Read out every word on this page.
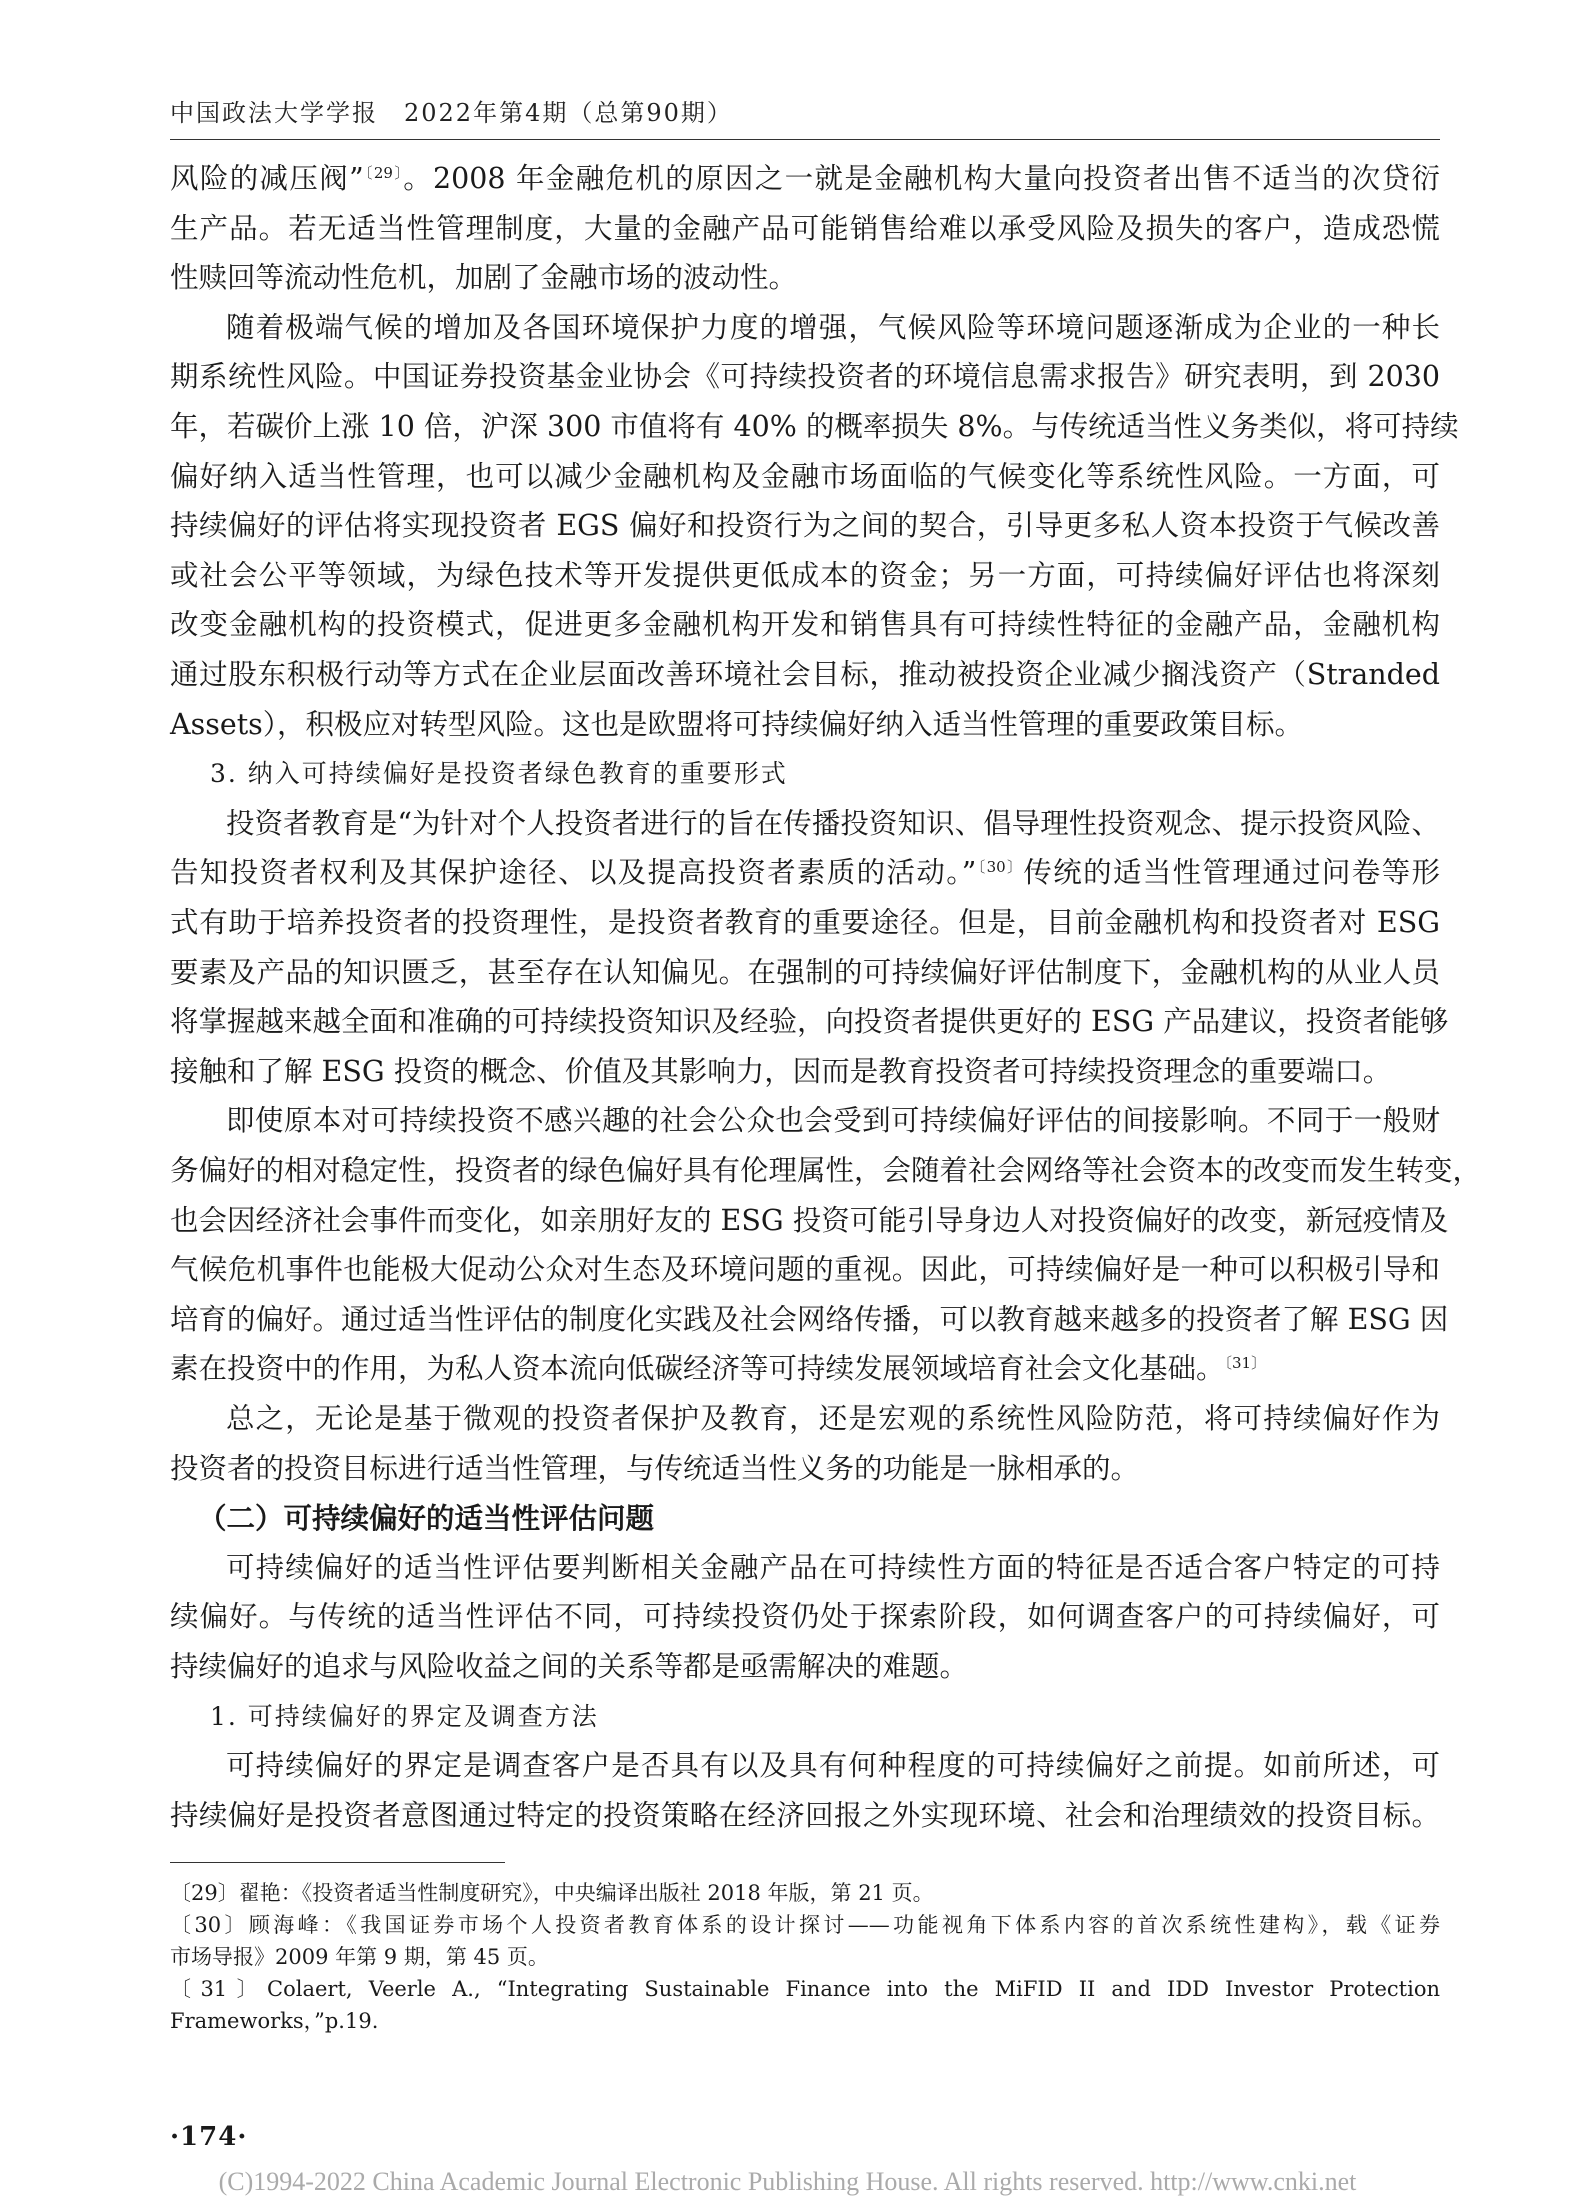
中国政法大学学报　2022年第4期（总第90期）
风险的减压阀”$^{〔29〕}$。2008 年金融危机的原因之一就是金融机构大量向投资者出售不适当的次贷衍
生产品。若无适当性管理制度，大量的金融产品可能销售给难以承受风险及损失的客户，造成恐慌
性赎回等流动性危机，加剧了金融市场的波动性。
随着极端气候的增加及各国环境保护力度的增强，气候风险等环境问题逐渐成为企业的一种长
期系统性风险。中国证券投资基金业协会《可持续投资者的环境信息需求报告》研究表明，到 2030
年，若碳价上涨 10 倍，沪深 300 市值将有 40% 的概率损失 8%。与传统适当性义务类似，将可持续
偏好纳入适当性管理，也可以减少金融机构及金融市场面临的气候变化等系统性风险。一方面，可
持续偏好的评估将实现投资者 EGS 偏好和投资行为之间的契合，引导更多私人资本投资于气候改善
或社会公平等领域，为绿色技术等开发提供更低成本的资金；另一方面，可持续偏好评估也将深刻
改变金融机构的投资模式，促进更多金融机构开发和销售具有可持续性特征的金融产品，金融机构
通过股东积极行动等方式在企业层面改善环境社会目标，推动被投资企业减少搁浅资产（Stranded
Assets），积极应对转型风险。这也是欧盟将可持续偏好纳入适当性管理的重要政策目标。
3. 纳入可持续偏好是投资者绿色教育的重要形式
投资者教育是“为针对个人投资者进行的旨在传播投资知识、倡导理性投资观念、提示投资风险、
告知投资者权利及其保护途径、以及提高投资者素质的活动。”$^{〔30〕}$传统的适当性管理通过问卷等形
式有助于培养投资者的投资理性，是投资者教育的重要途径。但是，目前金融机构和投资者对 ESG
要素及产品的知识匮乏，甚至存在认知偏见。在强制的可持续偏好评估制度下，金融机构的从业人员
将掌握越来越全面和准确的可持续投资知识及经验，向投资者提供更好的 ESG 产品建议，投资者能够
接触和了解 ESG 投资的概念、价值及其影响力，因而是教育投资者可持续投资理念的重要端口。
即使原本对可持续投资不感兴趣的社会公众也会受到可持续偏好评估的间接影响。不同于一般财
务偏好的相对稳定性，投资者的绿色偏好具有伦理属性，会随着社会网络等社会资本的改变而发生转变，
也会因经济社会事件而变化，如亲朋好友的 ESG 投资可能引导身边人对投资偏好的改变，新冠疫情及
气候危机事件也能极大促动公众对生态及环境问题的重视。因此，可持续偏好是一种可以积极引导和
培育的偏好。通过适当性评估的制度化实践及社会网络传播，可以教育越来越多的投资者了解 ESG 因
素在投资中的作用，为私人资本流向低碳经济等可持续发展领域培育社会文化基础。$^{〔31〕}$
总之，无论是基于微观的投资者保护及教育，还是宏观的系统性风险防范，将可持续偏好作为
投资者的投资目标进行适当性管理，与传统适当性义务的功能是一脉相承的。
（二）可持续偏好的适当性评估问题
可持续偏好的适当性评估要判断相关金融产品在可持续性方面的特征是否适合客户特定的可持
续偏好。与传统的适当性评估不同，可持续投资仍处于探索阶段，如何调查客户的可持续偏好，可
持续偏好的追求与风险收益之间的关系等都是亟需解决的难题。
1. 可持续偏好的界定及调查方法
可持续偏好的界定是调查客户是否具有以及具有何种程度的可持续偏好之前提。如前所述，可
持续偏好是投资者意图通过特定的投资策略在经济回报之外实现环境、社会和治理绩效的投资目标。
〔29〕翟艳：《投资者适当性制度研究》，中央编译出版社 2018 年版，第 21 页。
〔30〕顾海峰：《我国证券市场个人投资者教育体系的设计探讨——功能视角下体系内容的首次系统性建构》，载《证券
市场导报》2009 年第 9 期，第 45 页。
〔31〕Colaert, Veerle A., “Integrating Sustainable Finance into the MiFID II and IDD Investor Protection
Frameworks，”p.19.
·174·
(C)1994-2022 China Academic Journal Electronic Publishing House. All rights reserved. http://www.cnki.net
